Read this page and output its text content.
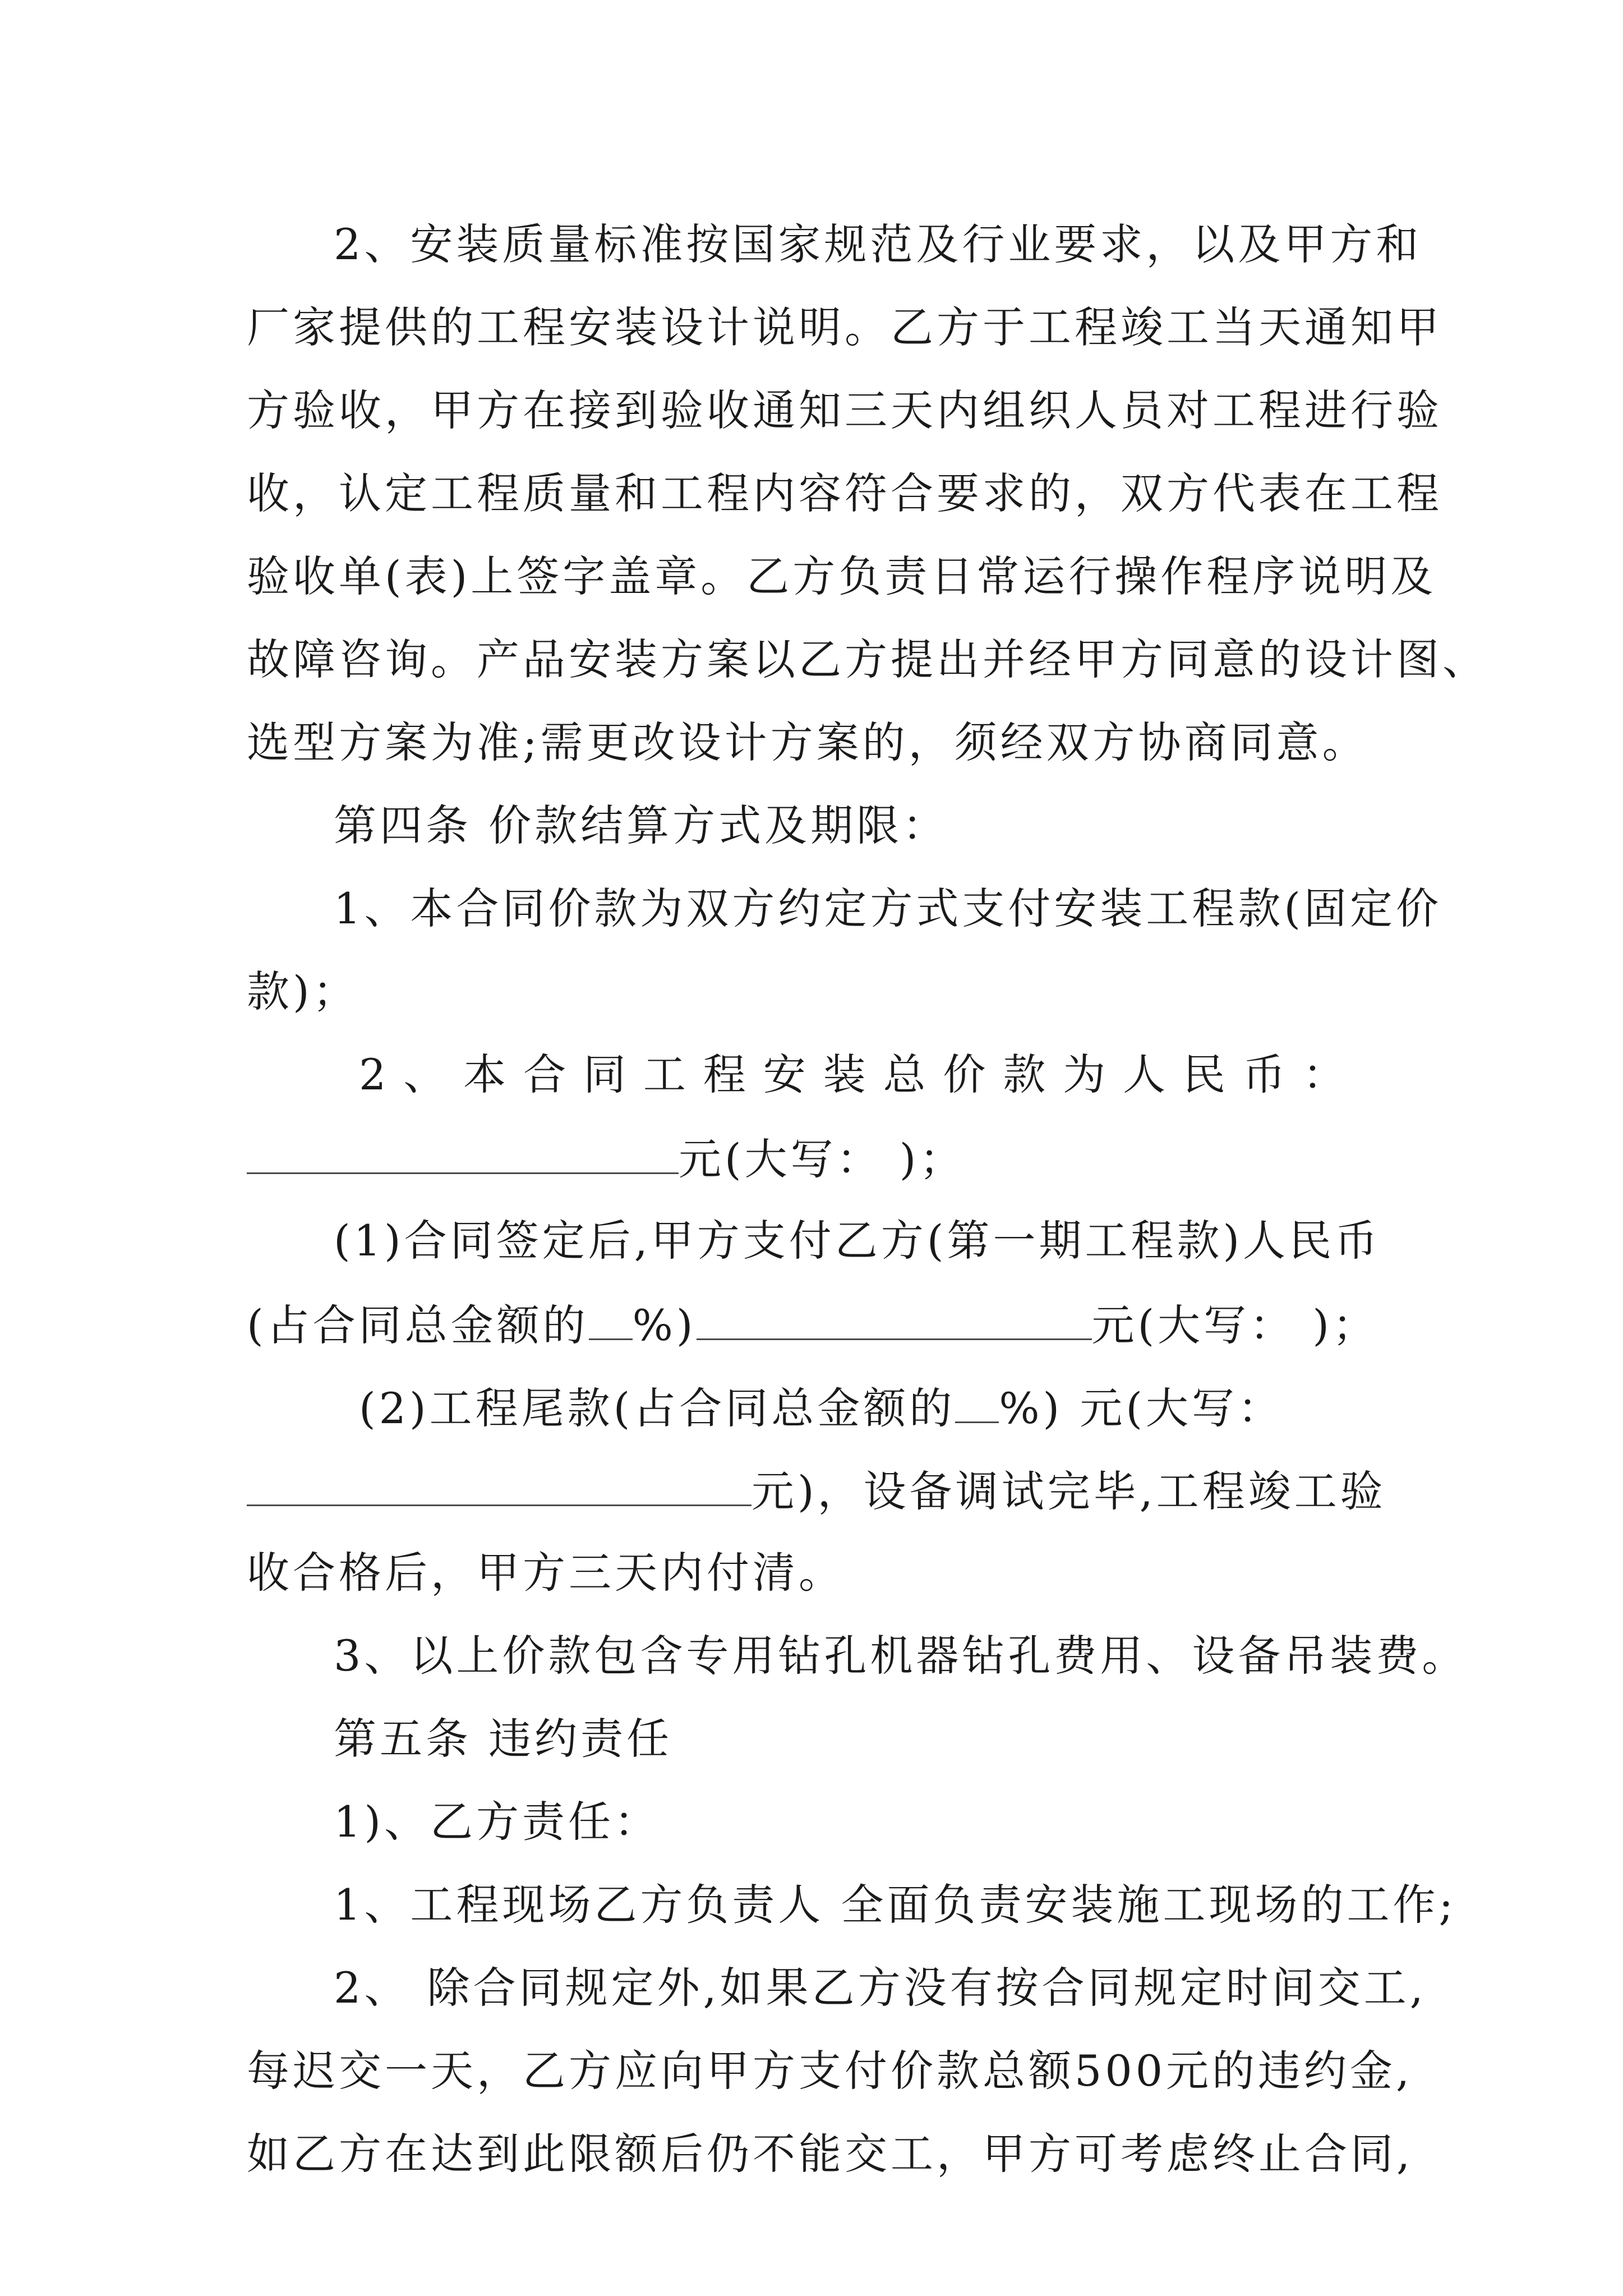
2、安装质量标准按国家规范及行业要求，以及甲方和
厂家提供的工程安装设计说明。乙方于工程竣工当天通知甲
方验收，甲方在接到验收通知三天内组织人员对工程进行验
收，认定工程质量和工程内容符合要求的，双方代表在工程
验收单(表)上签字盖章。乙方负责日常运行操作程序说明及
故障咨询。产品安装方案以乙方提出并经甲方同意的设计图、
选型方案为准;需更改设计方案的，须经双方协商同意。
第四条 价款结算方式及期限：
1、本合同价款为双方约定方式支付安装工程款(固定价
款)；
2 、 本 合 同 工 程 安 装 总 价 款 为 人 民 币 ：
元(大写： )；
(1)合同签定后,甲方支付乙方(第一期工程款)人民币
(占合同总金额的 %)	元(大写： )；
(2)工程尾款(占合同总金额的 %) 元(大写：
元)，设备调试完毕,工程竣工验
收合格后，甲方三天内付清。
3、以上价款包含专用钻孔机器钻孔费用、设备吊装费。
第五条 违约责任
1)、乙方责任：
1、工程现场乙方负责人 全面负责安装施工现场的工作;
2、 除合同规定外,如果乙方没有按合同规定时间交工,
每迟交一天，乙方应向甲方支付价款总额500元的违约金,
如乙方在达到此限额后仍不能交工，甲方可考虑终止合同,
